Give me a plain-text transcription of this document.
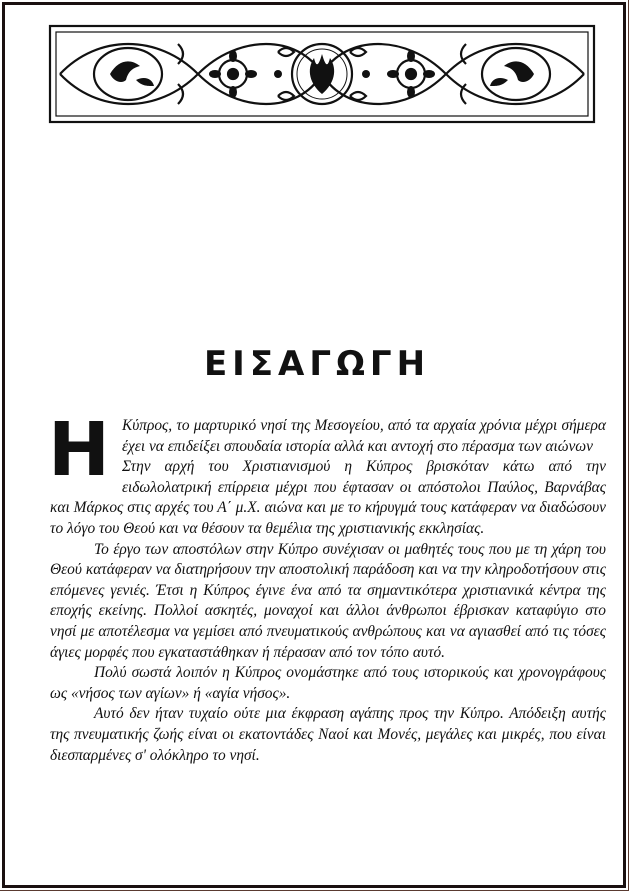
ΕΙΣΑΓΩΓΗ
Η Κύπρος, το μαρτυρικό νησί της Μεσογείου, από τα αρχαία χρόνια μέχρι σήμερα έχει να επιδείξει σπουδαία ιστορία αλλά και αντοχή στο πέρασμα των αιώνων

Στην αρχή του Χριστιανισμού η Κύπρος βρισκόταν κάτω από την ειδωλολατρική επίρρεια μέχρι που έφτασαν οι απόστολοι Παύλος, Βαρνάβας και Μάρκος στις αρχές του Α΄ μ.Χ. αιώνα και με το κήρυγμά τους κατάφεραν να διαδώσουν το λόγο του Θεού και να θέσουν τα θεμέλια της χριστιανικής εκκλησίας.

Το έργο των αποστόλων στην Κύπρο συνέχισαν οι μαθητές τους που με τη χάρη του Θεού κατάφεραν να διατηρήσουν την αποστολική παράδοση και να την κληροδοτήσουν στις επόμενες γενιές. Έτσι η Κύπρος έγινε ένα από τα σημαντικότερα χριστιανικά κέντρα της εποχής εκείνης. Πολλοί ασκητές, μοναχοί και άλλοι άνθρωποι έβρισκαν καταφύγιο στο νησί με αποτέλεσμα να γεμίσει από πνευματικούς ανθρώπους και να αγιασθεί από τις τόσες άγιες μορφές που εγκαταστάθηκαν ή πέρασαν από τον τόπο αυτό.

Πολύ σωστά λοιπόν η Κύπρος ονομάστηκε από τους ιστορικούς και χρονογράφους ως «νήσος των αγίων» ή «αγία νήσος».

Αυτό δεν ήταν τυχαίο ούτε μια έκφραση αγάπης προς την Κύπρο. Απόδειξη αυτής της πνευματικής ζωής είναι οι εκατοντάδες Ναοί και Μονές, μεγάλες και μικρές, που είναι διεσπαρμένες σ' ολόκληρο το νησί.
